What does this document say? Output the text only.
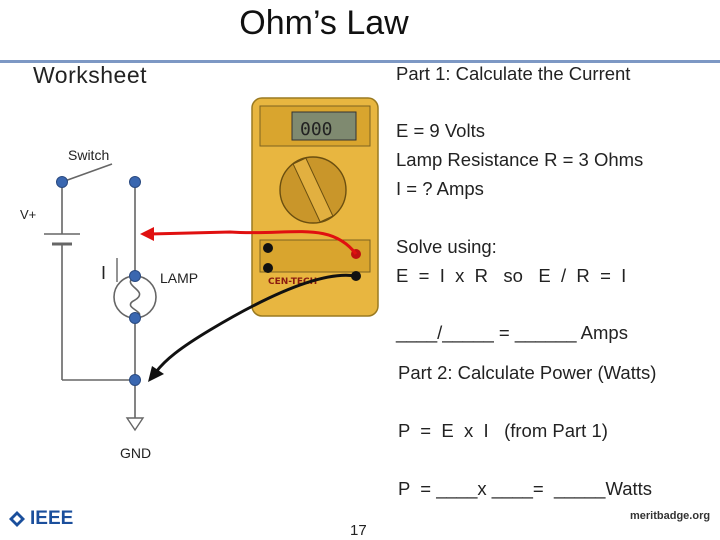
Ohm’s Law
Worksheet
000
CEN-TECH
Switch
V+
I	LAMP
GND
Part 1: Calculate the Current
E = 9 Volts
Lamp Resistance R = 3 Ohms
I = ? Amps
Solve using:
E  =  I  x  R   so   E  /  R  =  I
____/_____ = ______ Amps
Part 2: Calculate Power (Watts)
P  =  E  x  I   (from Part 1)
P  = ____x ____=  _____Watts
IEEE
17
meritbadge.org
